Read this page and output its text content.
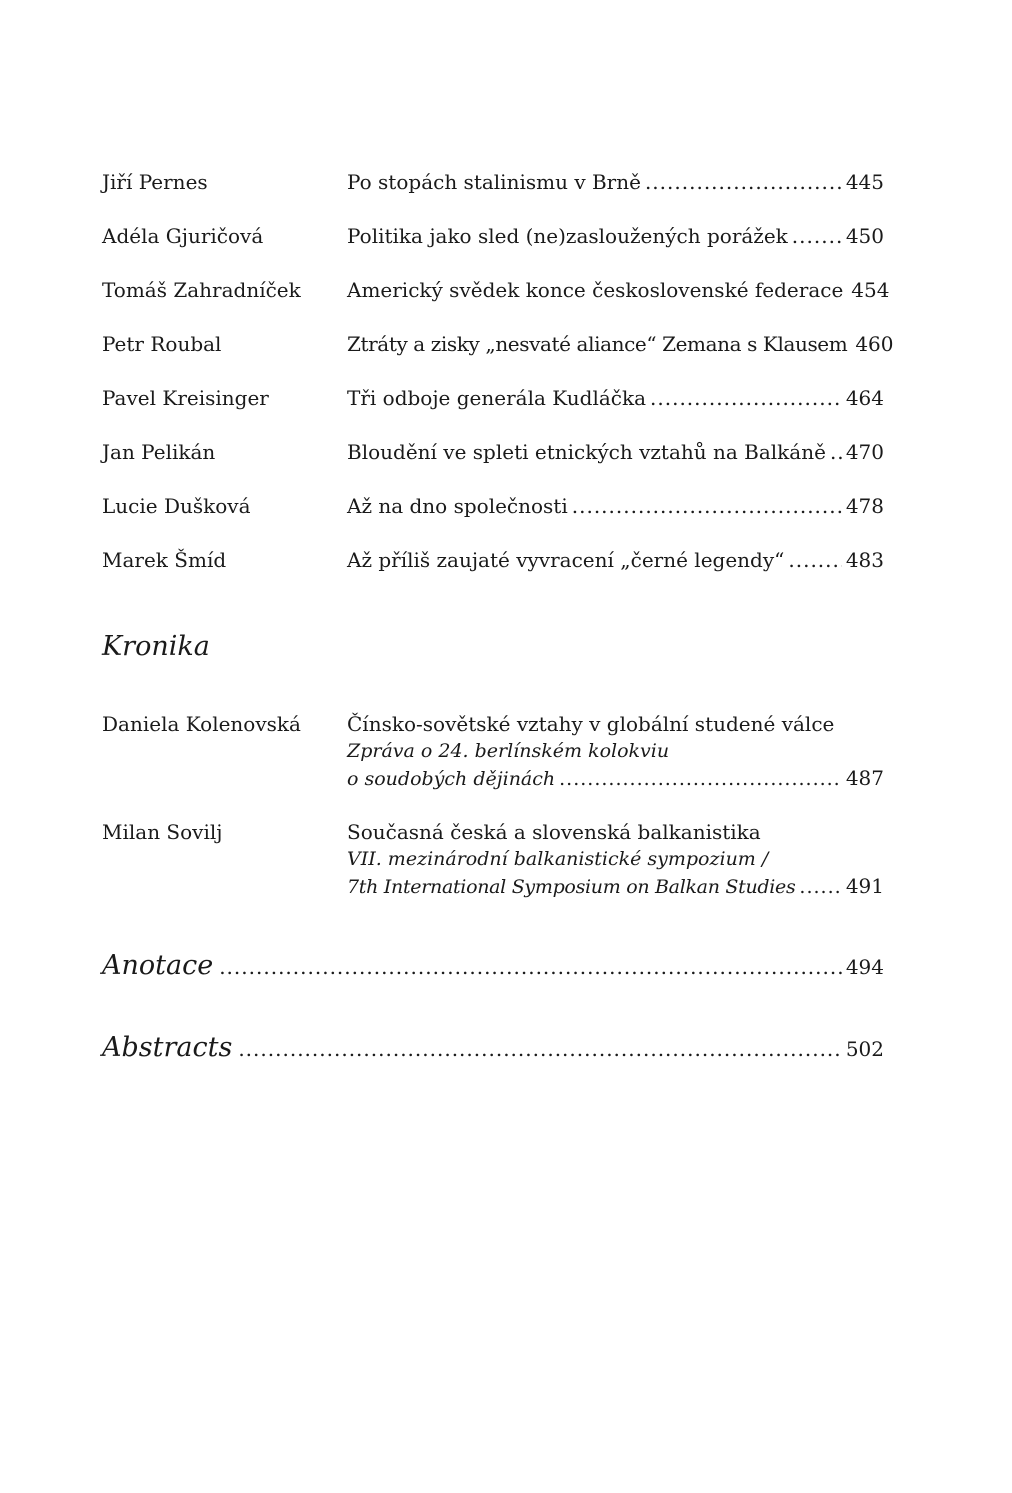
Jiří Pernes	Po stopách stalinismu v Brně .....	445
Adéla Gjuričová	Politika jako sled (ne)zasloužených porážek .....	450
Tomáš Zahradníček	Americký svědek konce československé federace 454
Petr Roubal	Ztráty a zisky „nesvaté aliance“ Zemana s Klausem 460
Pavel Kreisinger	Tři odboje generála Kudláčka .....	464
Jan Pelikán	Bloudění ve spleti etnických vztahů na Balkáně ..... 470
Lucie Dušková	Až na dno společnosti .....	478
Marek Šmíd	Až příliš zaujaté vyvracení „černé legendy“ .....	483
Kronika
Daniela Kolenovská	Čínsko-sovětské vztahy v globální studené válce
Zpráva o 24. berlínském kolokviu
o soudobých dějinách .....	487
Milan Sovilj	Současná česká a slovenská balkanistika
VII. mezinárodní balkanistické sympozium /
7th International Symposium on Balkan Studies .....	491
Anotace .....	494
Abstracts .....	502
